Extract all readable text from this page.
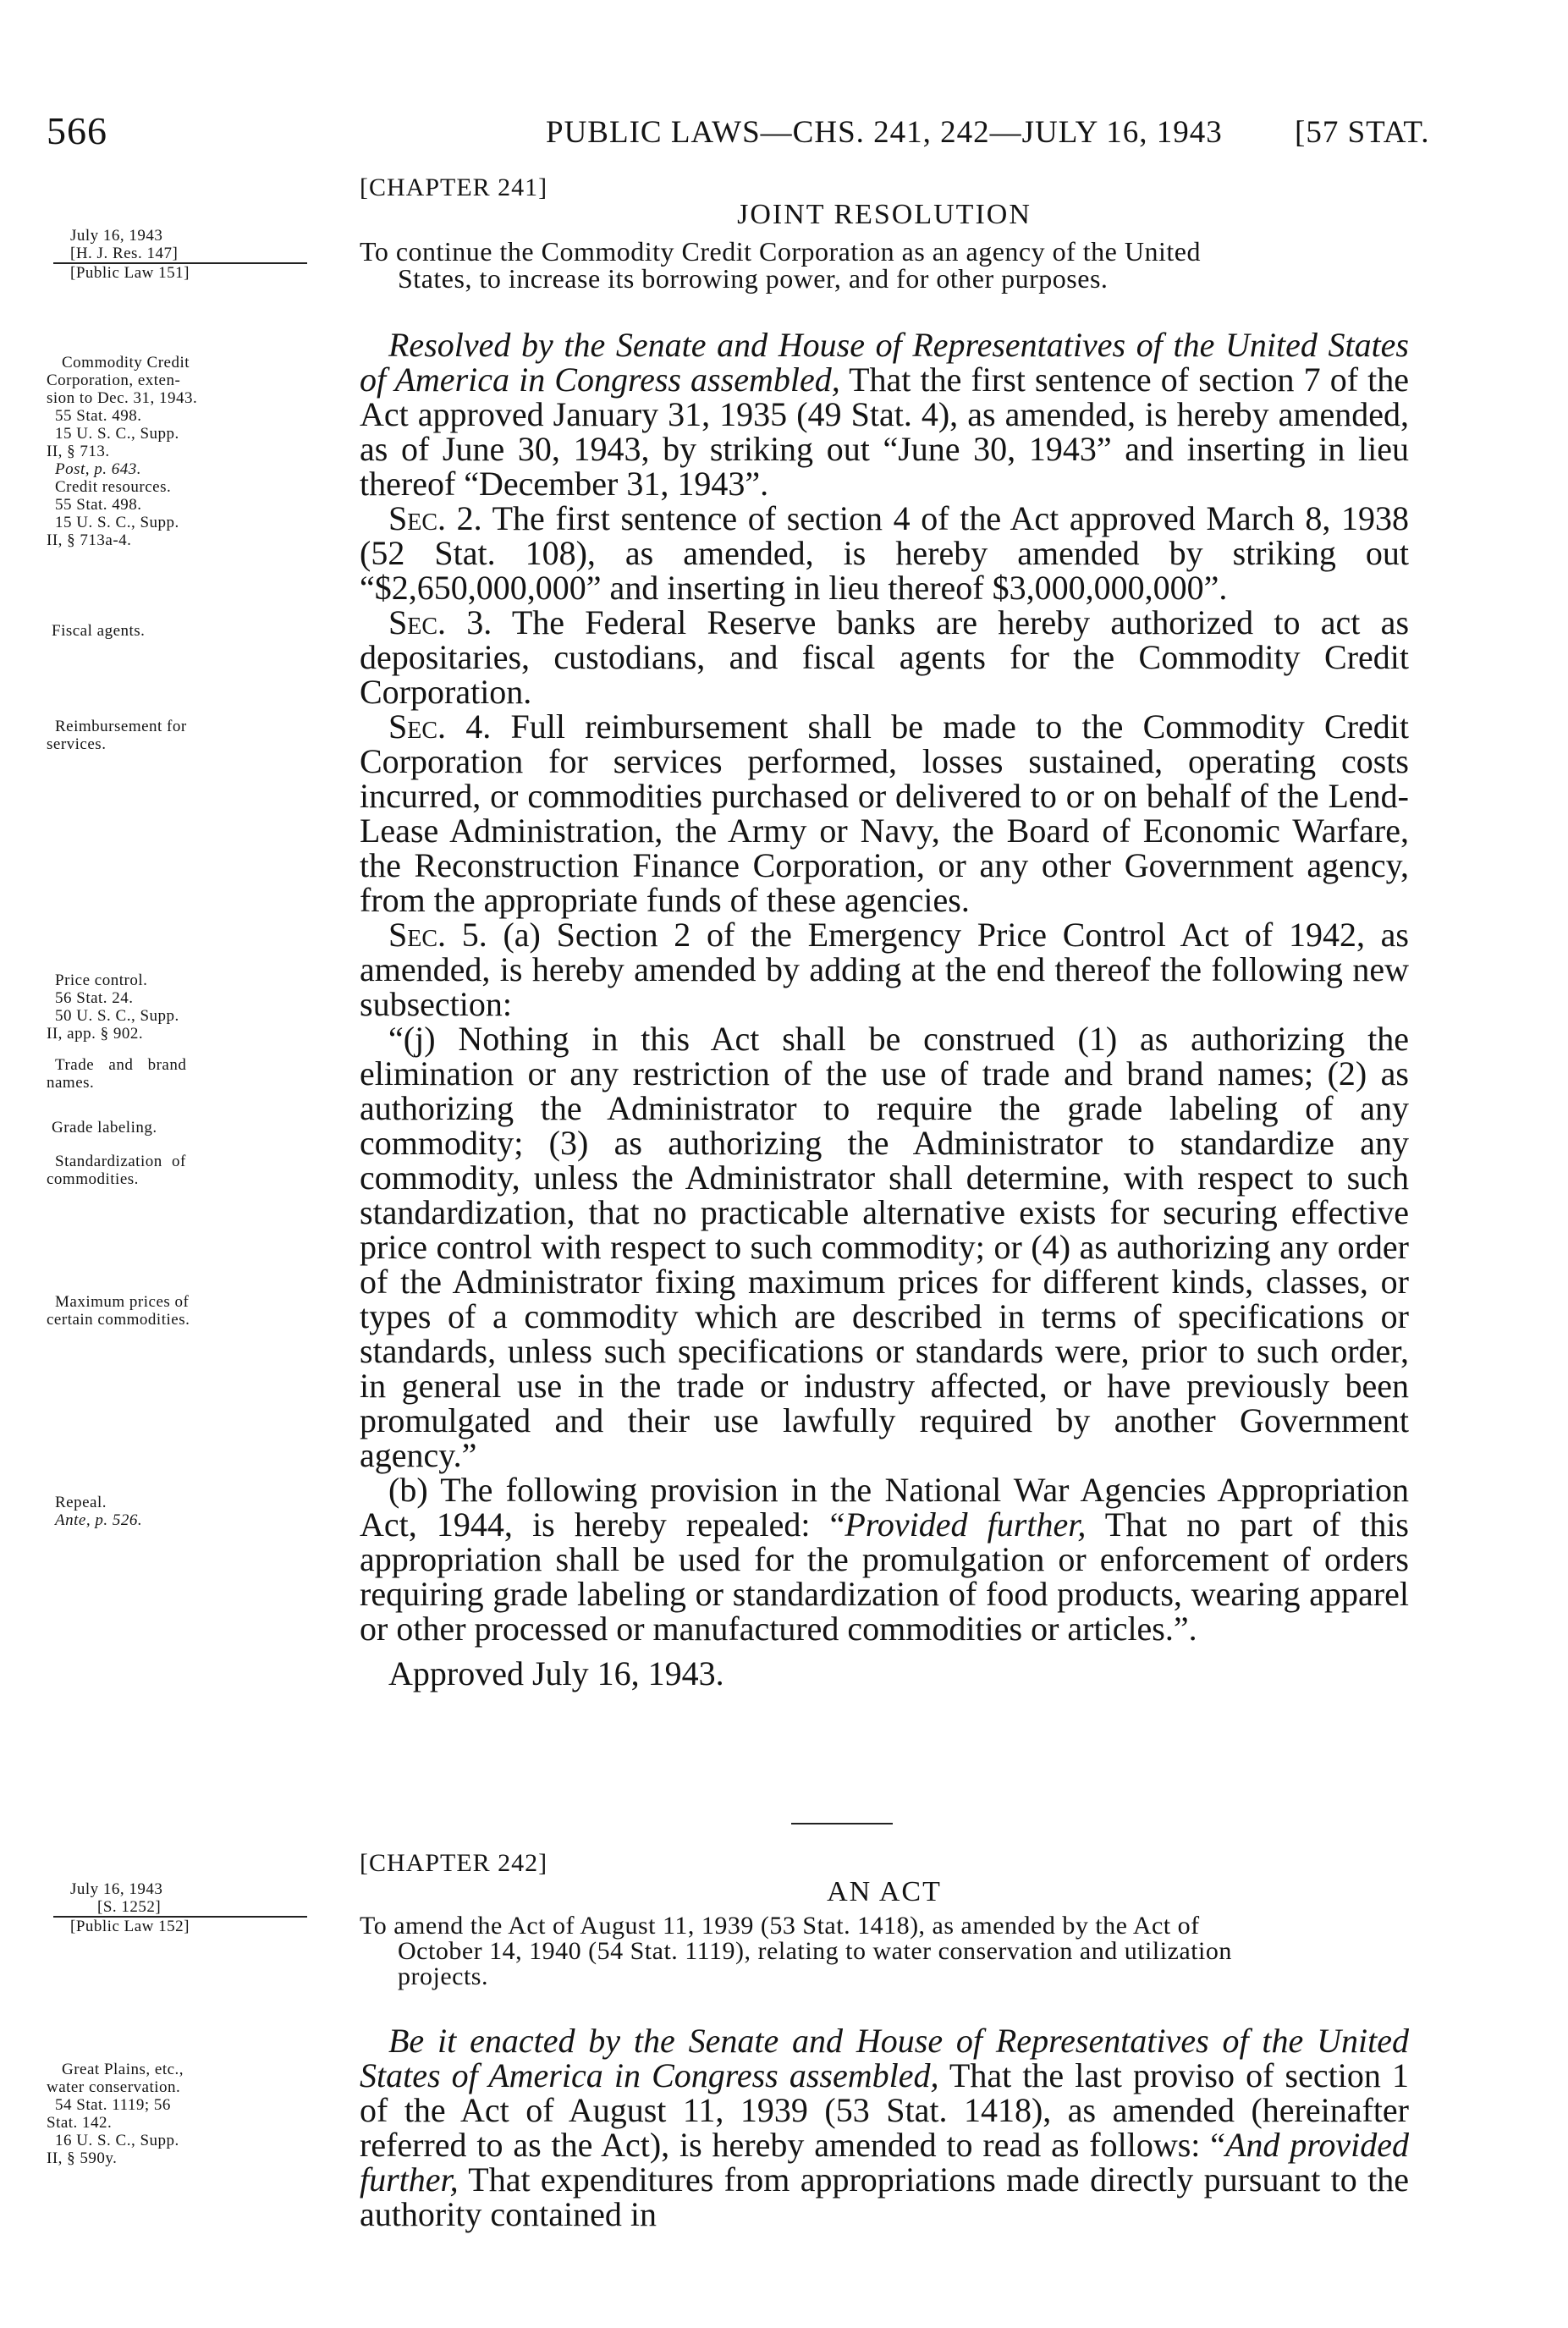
566	PUBLIC LAWS—CHS. 241, 242—JULY 16, 1943 [57 STAT.
July 16, 1943
[H. J. Res. 147]
[Public Law 151]
Commodity Credit
Corporation, exten-
sion to Dec. 31, 1943.
55 Stat. 498.
15 U. S. C., Supp.
II, § 713.
Post, p. 643.
Credit resources.
55 Stat. 498.
15 U. S. C., Supp.
II, § 713a-4.
Fiscal agents.
Reimbursement for
services.
Price control.
56 Stat. 24.
50 U. S. C., Supp.
II, app. § 902.
Trade and brand
names.
Grade labeling.
Standardization of
commodities.
Maximum prices of
certain commodities.
Repeal.
Ante, p. 526.
[CHAPTER 241]
JOINT RESOLUTION
To continue the Commodity Credit Corporation as an agency of the United
States, to increase its borrowing power, and for other purposes.

Resolved by the Senate and House of Representatives of the United States of America in Congress assembled, That the first sentence of section 7 of the Act approved January 31, 1935 (49 Stat. 4), as amended, is hereby amended, as of June 30, 1943, by striking out “June 30, 1943” and inserting in lieu thereof “December 31, 1943”.

Sec. 2. The first sentence of section 4 of the Act approved March 8, 1938 (52 Stat. 108), as amended, is hereby amended by striking out “$2,650,000,000” and inserting in lieu thereof $3,000,000,000”.

Sec. 3. The Federal Reserve banks are hereby authorized to act as depositaries, custodians, and fiscal agents for the Commodity Credit Corporation.

Sec. 4. Full reimbursement shall be made to the Commodity Credit Corporation for services performed, losses sustained, operating costs incurred, or commodities purchased or delivered to or on behalf of the Lend-Lease Administration, the Army or Navy, the Board of Economic Warfare, the Reconstruction Finance Corporation, or any other Government agency, from the appropriate funds of these agencies.

Sec. 5. (a) Section 2 of the Emergency Price Control Act of 1942, as amended, is hereby amended by adding at the end thereof the following new subsection:

“(j) Nothing in this Act shall be construed (1) as authorizing the elimination or any restriction of the use of trade and brand names; (2) as authorizing the Administrator to require the grade labeling of any commodity; (3) as authorizing the Administrator to standardize any commodity, unless the Administrator shall determine, with respect to such standardization, that no practicable alternative exists for securing effective price control with respect to such commodity; or (4) as authorizing any order of the Administrator fixing maximum prices for different kinds, classes, or types of a commodity which are described in terms of specifications or standards, unless such specifications or standards were, prior to such order, in general use in the trade or industry affected, or have previously been promulgated and their use lawfully required by another Government agency.”

(b) The following provision in the National War Agencies Appropriation Act, 1944, is hereby repealed: “Provided further, That no part of this appropriation shall be used for the promulgation or enforcement of orders requiring grade labeling or standardization of food products, wearing apparel or other processed or manufactured commodities or articles.”.

Approved July 16, 1943.

July 16, 1943
[S. 1252]
[Public Law 152]
Great Plains, etc.,
water conservation.
54 Stat. 1119; 56
Stat. 142.
16 U. S. C., Supp.
II, § 590y.
[CHAPTER 242]
AN ACT
To amend the Act of August 11, 1939 (53 Stat. 1418), as amended by the Act of
October 14, 1940 (54 Stat. 1119), relating to water conservation and utilization
projects.

Be it enacted by the Senate and House of Representatives of the United States of America in Congress assembled, That the last proviso of section 1 of the Act of August 11, 1939 (53 Stat. 1418), as amended (hereinafter referred to as the Act), is hereby amended to read as follows: “And provided further, That expenditures from appropriations made directly pursuant to the authority contained in
